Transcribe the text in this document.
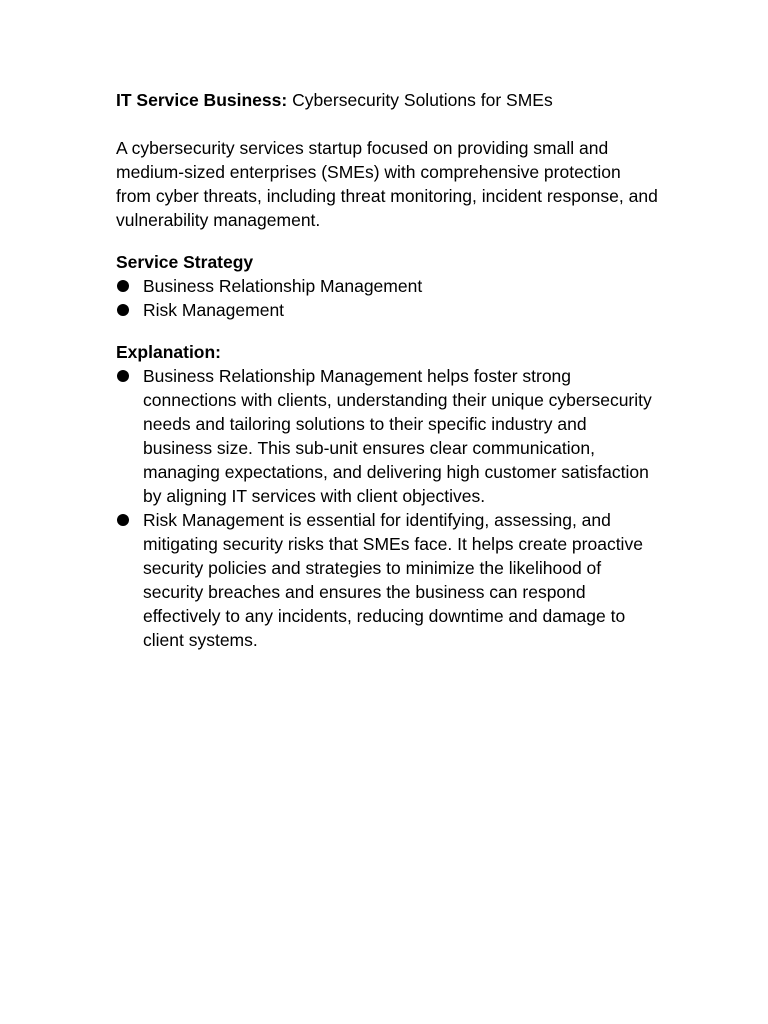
IT Service Business: Cybersecurity Solutions for SMEs

A cybersecurity services startup focused on providing small and medium-sized enterprises (SMEs) with comprehensive protection from cyber threats, including threat monitoring, incident response, and vulnerability management.

Service Strategy

Business Relationship Management
Risk Management

Explanation:

Business Relationship Management helps foster strong connections with clients, understanding their unique cybersecurity needs and tailoring solutions to their specific industry and business size. This sub-unit ensures clear communication, managing expectations, and delivering high customer satisfaction by aligning IT services with client objectives.
Risk Management is essential for identifying, assessing, and mitigating security risks that SMEs face. It helps create proactive security policies and strategies to minimize the likelihood of security breaches and ensures the business can respond effectively to any incidents, reducing downtime and damage to client systems.
